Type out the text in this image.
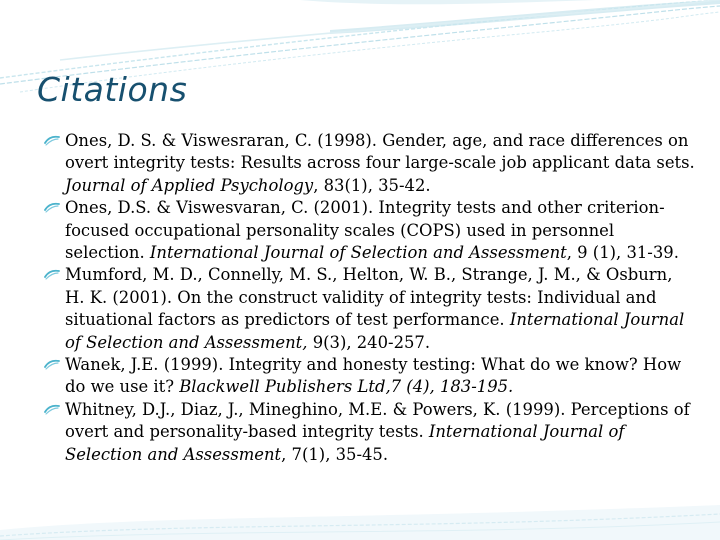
Citations
Ones, D. S. & Viswesraran, C. (1998). Gender, age, and race differences on overt integrity tests: Results across four large-scale job applicant data sets. Journal of Applied Psychology, 83(1), 35-42.
Ones, D.S. & Viswesvaran, C. (2001). Integrity tests and other criterion-focused occupational personality scales (COPS) used in personnel selection. International Journal of Selection and Assessment, 9 (1), 31-39.
Mumford, M. D., Connelly, M. S., Helton, W. B., Strange, J. M., & Osburn, H. K. (2001). On the construct validity of integrity tests: Individual and situational factors as predictors of test performance. International Journal of Selection and Assessment, 9(3), 240-257.
Wanek, J.E. (1999). Integrity and honesty testing: What do we know? How do we use it? Blackwell Publishers Ltd,7 (4), 183-195.
Whitney, D.J., Diaz, J., Mineghino, M.E. & Powers, K. (1999). Perceptions of overt and personality-based integrity tests. International Journal of Selection and Assessment, 7(1), 35-45.
